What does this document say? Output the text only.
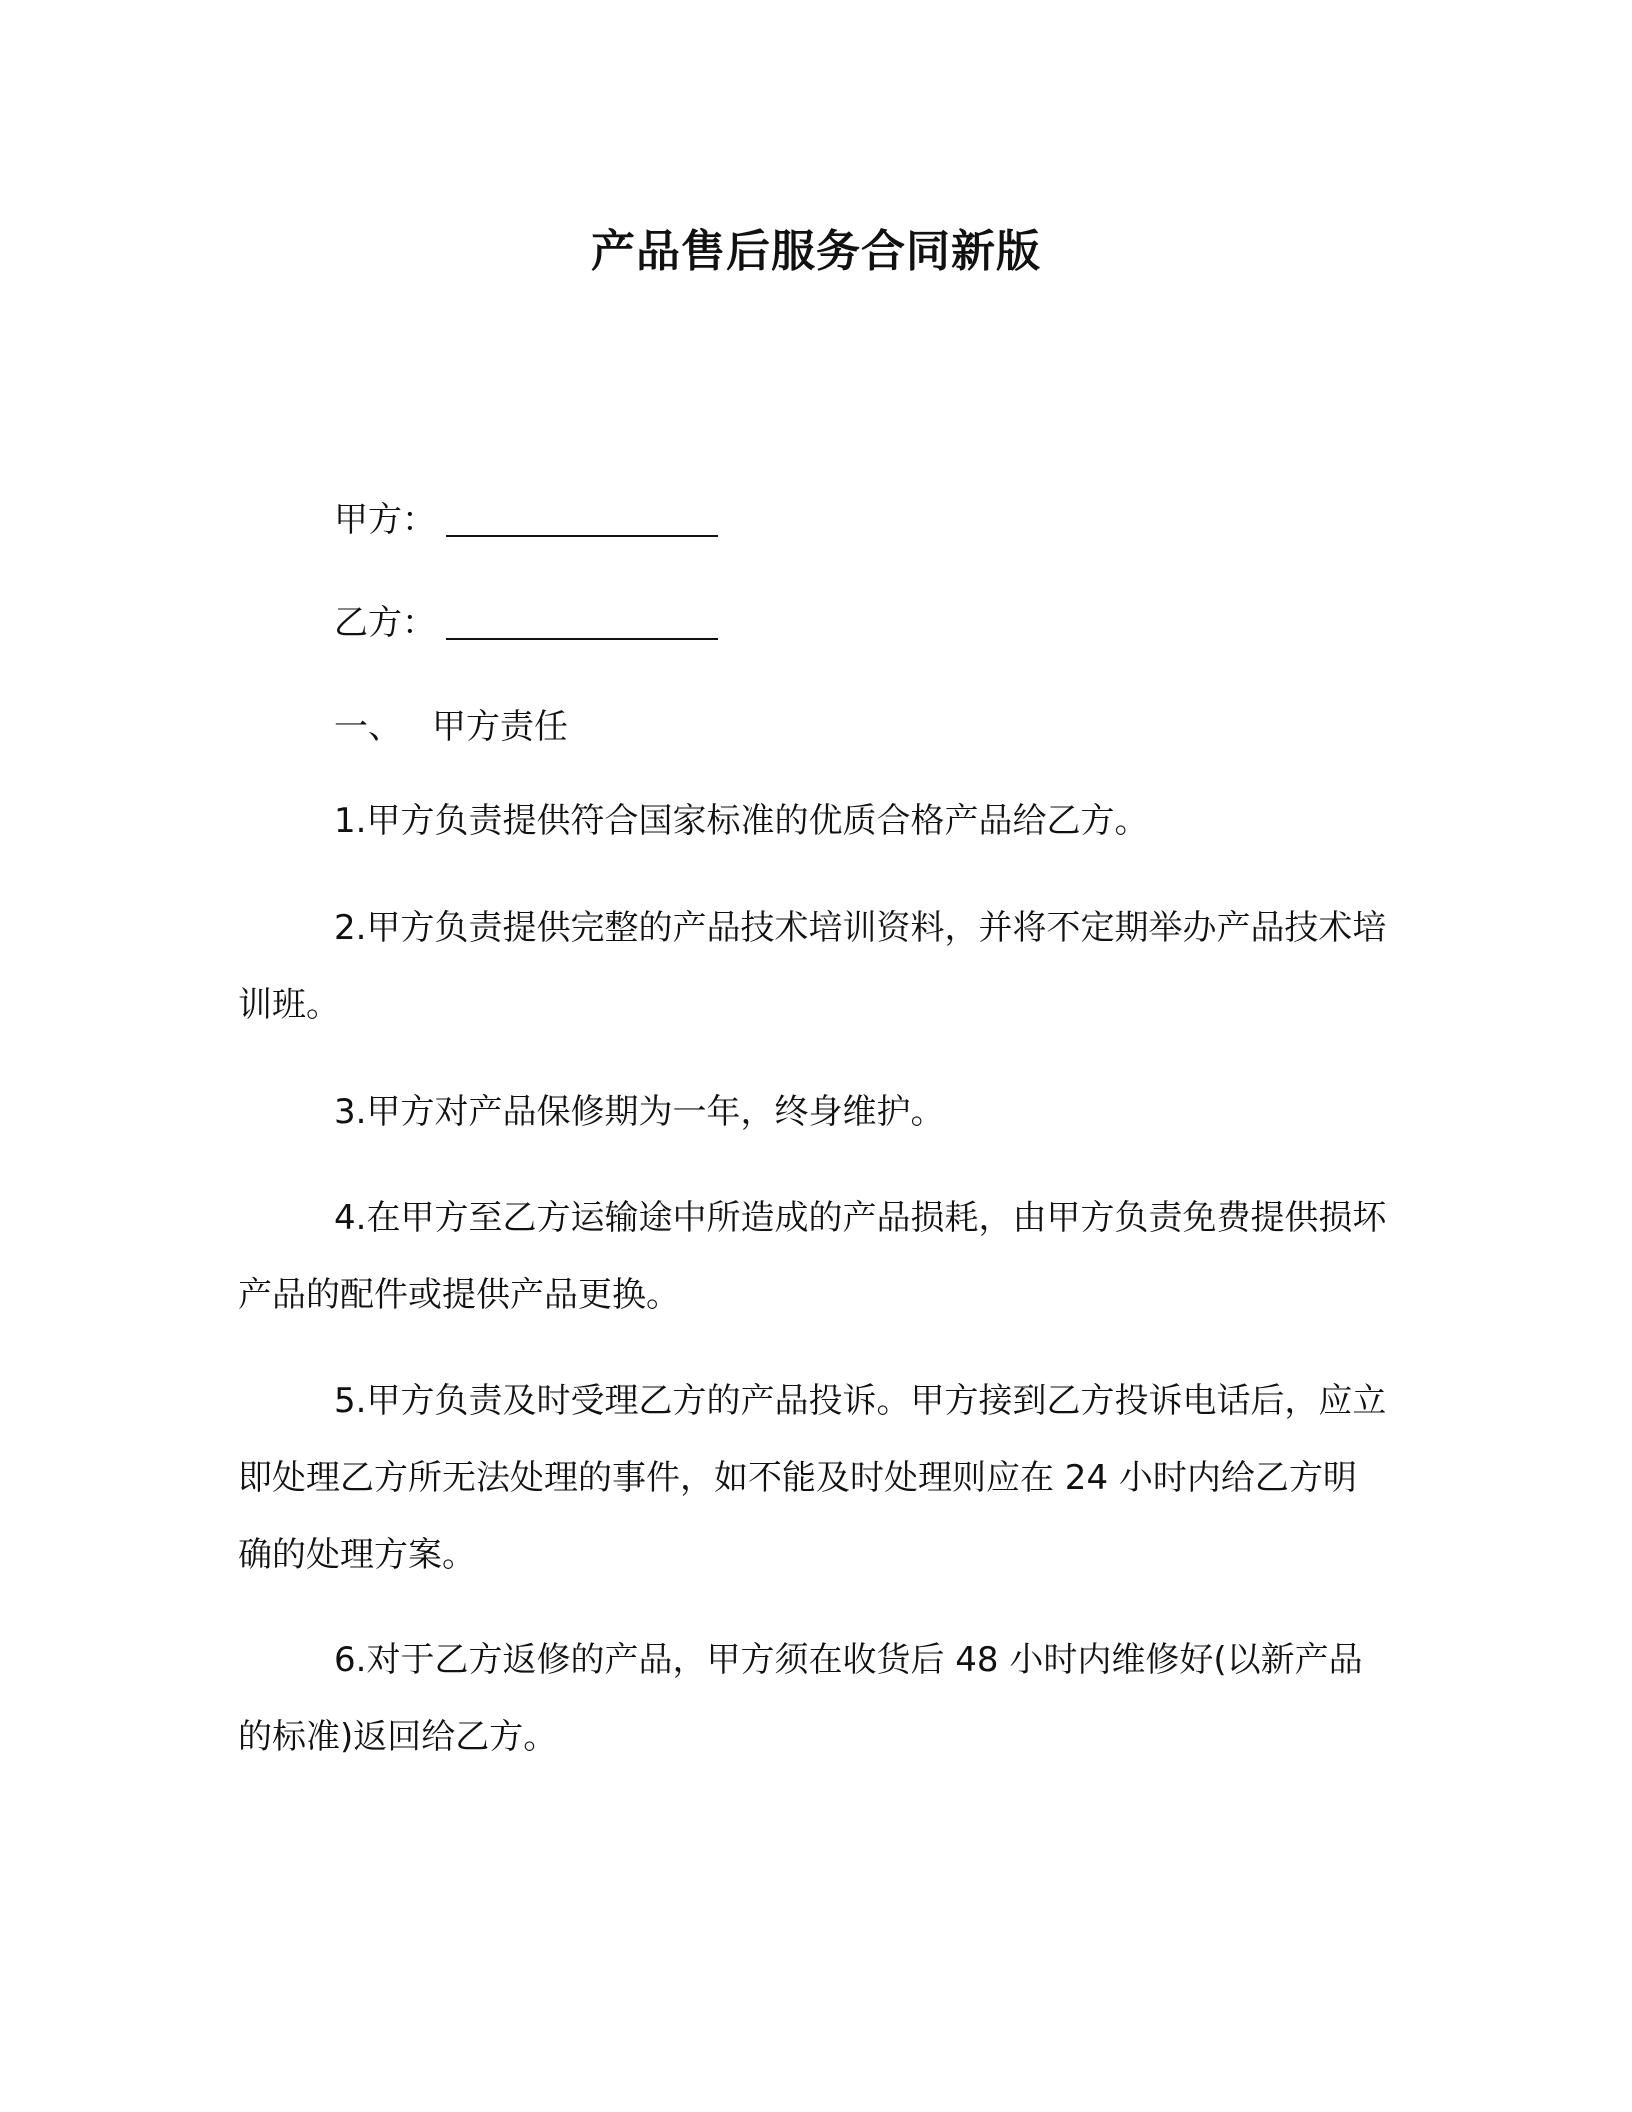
产品售后服务合同新版
甲方：
乙方：
一、 甲方责任

1.甲方负责提供符合国家标准的优质合格产品给乙方。

2.甲方负责提供完整的产品技术培训资料，并将不定期举办产品技术培训班。

3.甲方对产品保修期为一年，终身维护。

4.在甲方至乙方运输途中所造成的产品损耗，由甲方负责免费提供损坏产品的配件或提供产品更换。

5.甲方负责及时受理乙方的产品投诉。甲方接到乙方投诉电话后，应立即处理乙方所无法处理的事件，如不能及时处理则应在 24 小时内给乙方明确的处理方案。

6.对于乙方返修的产品，甲方须在收货后 48 小时内维修好(以新产品的标准)返回给乙方。
